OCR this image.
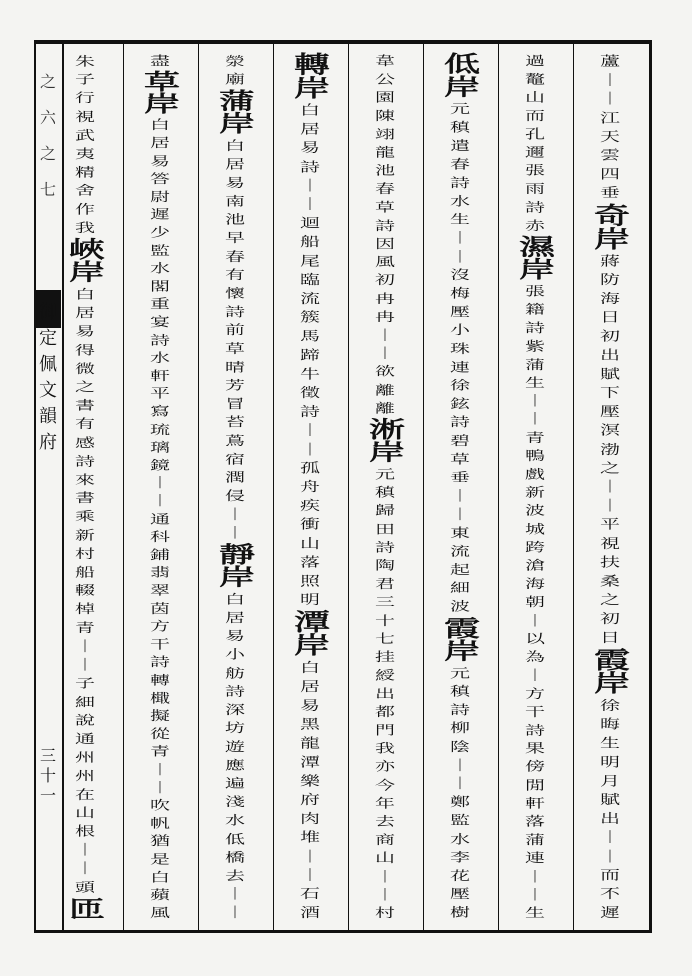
之
六
之
七
御
定
佩
文
韻
府
三
十
一
蘆
｜
｜
江
天
雲
四
垂
奇
岸
蔣
防
海
日
初
出
賦
下
壓
溟
渤
之
｜
｜
平
視
扶
桑
之
初
日
霞
岸
徐
晦
生
明
月
賦
出
｜
｜
而
不
遲
過
鼇
山
而
孔
邇
張
雨
詩
赤
濕
岸
張
籍
詩
紫
蒲
生
｜
｜
青
鴨
戲
新
波
城
跨
滄
海
朝
｜
以
為
｜
方
干
詩
果
傍
閒
軒
落
蒲
連
｜
｜
生
低
岸
元
稹
遣
春
詩
水
生
｜
｜
沒
梅
壓
小
珠
連
徐
鉉
詩
碧
草
垂
｜
｜
東
流
起
細
波
霞
岸
元
稹
詩
柳
陰
｜
｜
鄭
監
水
李
花
壓
樹
韋
公
園
陳
翊
龍
池
春
草
詩
因
風
初
冉
冉
｜
｜
欲
離
離
淅
岸
元
稹
歸
田
詩
陶
君
三
十
七
挂
綬
出
都
門
我
亦
今
年
去
商
山
｜
｜
村
轉
岸
白
居
易
詩
｜
｜
迴
船
尾
臨
流
簇
馬
蹄
牛
徵
詩
｜
｜
孤
舟
疾
衝
山
落
照
明
潭
岸
白
居
易
黑
龍
潭
樂
府
肉
堆
｜
｜
石
酒
滎
廟
蒲
岸
白
居
易
南
池
早
春
有
懷
詩
前
草
晴
芳
冒
苔
蔦
宿
潤
侵
｜
｜
靜
岸
白
居
易
小
舫
詩
深
坊
遊
應
遍
淺
水
低
橋
去
｜
｜
盡
草
岸
白
居
易
答
尉
遲
少
監
水
閣
重
宴
詩
水
軒
平
寫
琉
璃
鏡
｜
｜
通
科
鋪
翡
翠
茵
方
干
詩
轉
檝
擬
從
青
｜
｜
吹
帆
猶
是
白
蘋
風
朱
子
行
視
武
夷
精
舍
作
我
峽
岸
白
居
易
得
微
之
書
有
感
詩
來
書
乘
新
村
船
輟
棹
青
｜
｜
子
細
說
通
州
州
在
山
根
｜
｜
頭
匝
